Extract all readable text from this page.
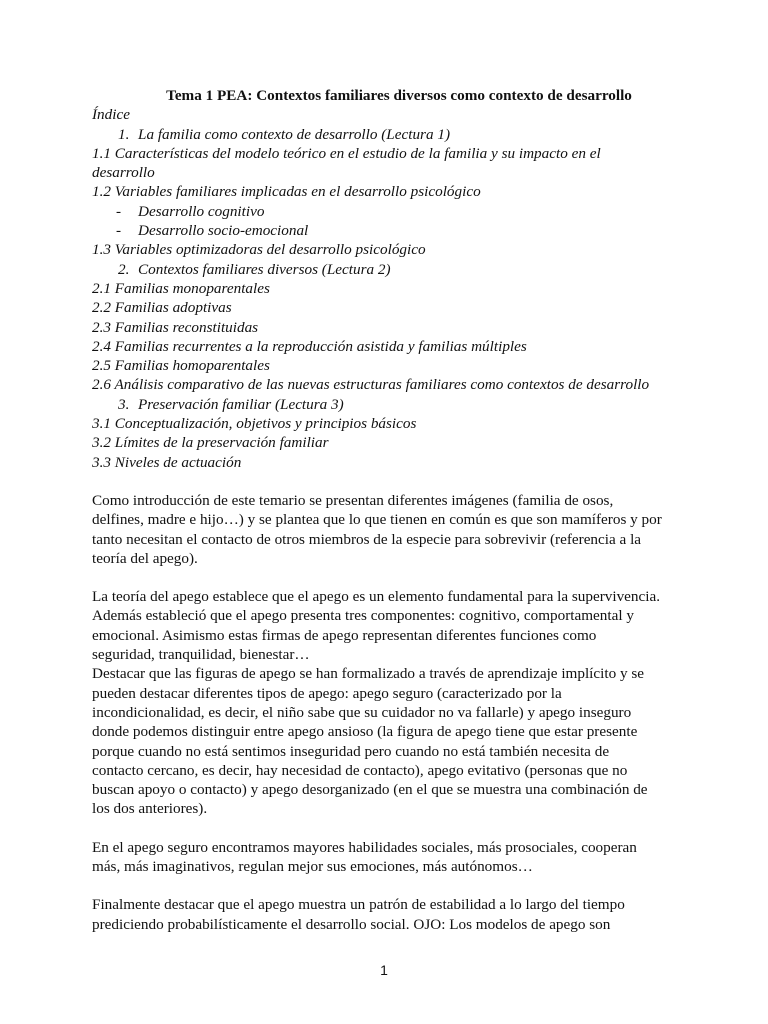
Tema 1 PEA: Contextos familiares diversos como contexto de desarrollo

Índice

1. La familia como contexto de desarrollo (Lectura 1)

1.1 Características del modelo teórico en el estudio de la familia y su impacto en el

desarrollo

1.2 Variables familiares implicadas en el desarrollo psicológico

- Desarrollo cognitivo

- Desarrollo socio-emocional

1.3 Variables optimizadoras del desarrollo psicológico

2. Contextos familiares diversos (Lectura 2)

2.1 Familias monoparentales

2.2 Familias adoptivas

2.3 Familias reconstituidas

2.4 Familias recurrentes a la reproducción asistida y familias múltiples

2.5 Familias homoparentales

2.6 Análisis comparativo de las nuevas estructuras familiares como contextos de desarrollo

3. Preservación familiar (Lectura 3)

3.1 Conceptualización, objetivos y principios básicos

3.2 Límites de la preservación familiar

3.3 Niveles de actuación

Como introducción de este temario se presentan diferentes imágenes (familia de osos,
delfines, madre e hijo…) y se plantea que lo que tienen en común es que son mamíferos y por
tanto necesitan el contacto de otros miembros de la especie para sobrevivir (referencia a la
teoría del apego).
La teoría del apego establece que el apego es un elemento fundamental para la supervivencia.
Además estableció que el apego presenta tres componentes: cognitivo, comportamental y
emocional. Asimismo estas firmas de apego representan diferentes funciones como
seguridad, tranquilidad, bienestar…
Destacar que las figuras de apego se han formalizado a través de aprendizaje implícito y se
pueden destacar diferentes tipos de apego: apego seguro (caracterizado por la
incondicionalidad, es decir, el niño sabe que su cuidador no va fallarle) y apego inseguro
donde podemos distinguir entre apego ansioso (la figura de apego tiene que estar presente
porque cuando no está sentimos inseguridad pero cuando no está también necesita de
contacto cercano, es decir, hay necesidad de contacto), apego evitativo (personas que no
buscan apoyo o contacto) y apego desorganizado (en el que se muestra una combinación de
los dos anteriores).
En el apego seguro encontramos mayores habilidades sociales, más prosociales, cooperan
más, más imaginativos, regulan mejor sus emociones, más autónomos…
Finalmente destacar que el apego muestra un patrón de estabilidad a lo largo del tiempo
prediciendo probabilísticamente el desarrollo social. OJO: Los modelos de apego son
1
